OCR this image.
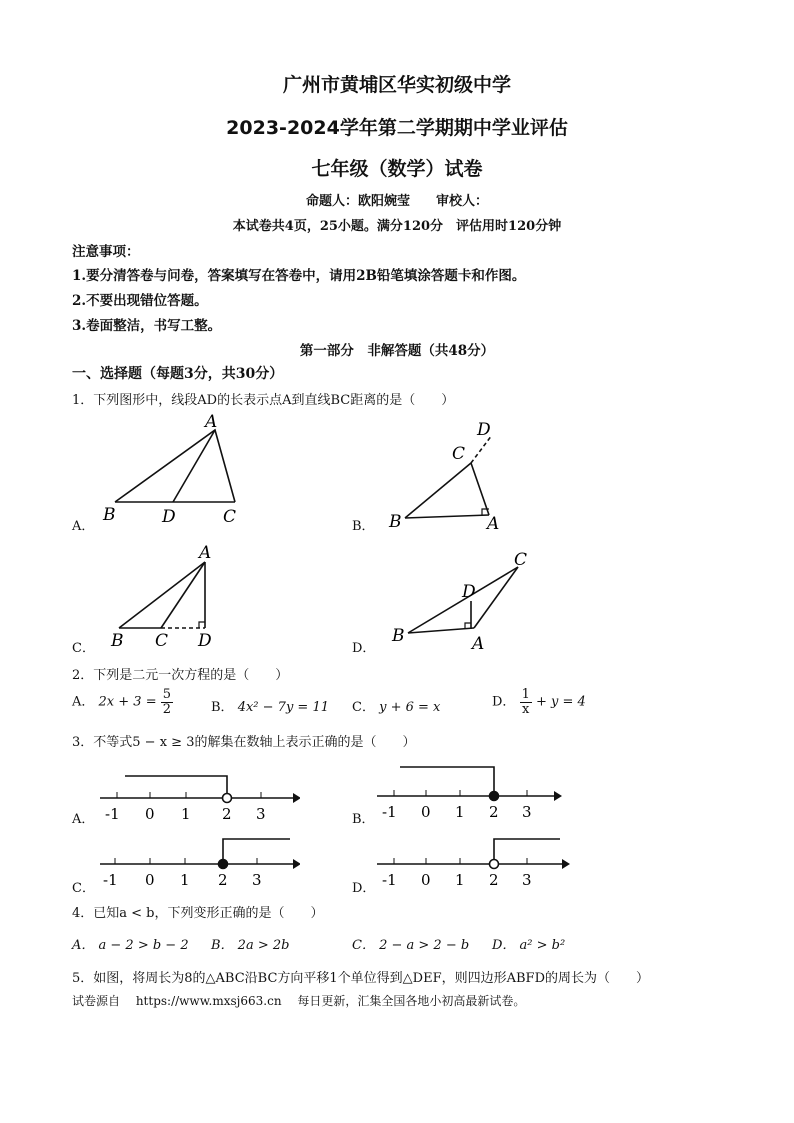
广州市黄埔区华实初级中学
2023-2024学年第二学期期中学业评估
七年级（数学）试卷
命题人：欧阳婉莹　　审校人：
本试卷共4页，25小题。满分120分　评估用时120分钟
注意事项：
1.要分清答卷与问卷，答案填写在答卷中，请用2B铅笔填涂答题卡和作图。
2.不要出现错位答题。
3.卷面整洁，书写工整。
第一部分　非解答题（共48分）
一、选择题（每题3分，共30分）
1．下列图形中，线段AD的长表示点A到直线BC距离的是（　　）
A．
A
B	D	C	B．
D
C
B	A
C．
A
B C D	D．
C
D
B	A
2．下列是二元一次方程的是（　　）
A． $2x + 3 = \frac{5}{2}$	B． 4x² − 7y = 11 C． y + 6 = x	D． $\frac{1}{x} + y = 4$
3．不等式5 − x ≥ 3的解集在数轴上表示正确的是（　　）
A． -1 0 1 2 3	B． -1 0 1 2 3
C． -1 0 1 2 3	D． -1 0 1 2 3
4．已知a < b，下列变形正确的是（　　）
A． a − 2 > b − 2 B． 2a > 2b	C． 2 − a > 2 − b D． a² > b²
5．如图，将周长为8的△ABC沿BC方向平移1个单位得到△DEF，则四边形ABFD的周长为（　　）
试卷源自　 https://www.mxsj663.cn　 每日更新，汇集全国各地小初高最新试卷。
